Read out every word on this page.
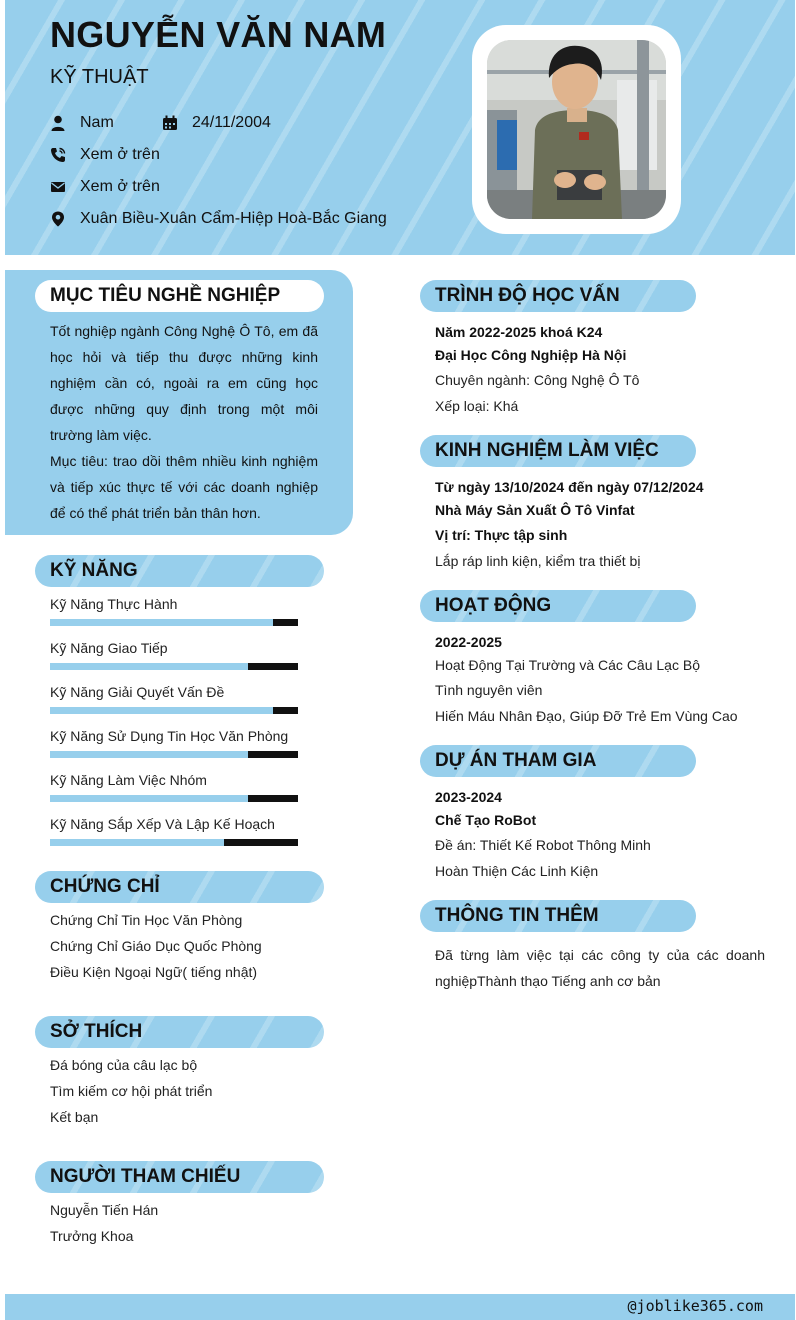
NGUYỄN VĂN NAM
KỸ THUẬT
Nam	24/11/2004
Xem ở trên
Xem ở trên
Xuân Biều-Xuân Cẩm-Hiệp Hoà-Bắc Giang
MỤC TIÊU NGHỀ NGHIỆP

Tốt nghiệp ngành Công Nghệ Ô Tô, em đã học hỏi và tiếp thu được những kinh nghiệm cần có, ngoài ra em cũng học được những quy định trong một môi trường làm việc.

Mục tiêu: trao dồi thêm nhiều kinh nghiệm và tiếp xúc thực tế với các doanh nghiệp để có thể phát triển bản thân hơn.

KỸ NĂNG
Kỹ Năng Thực Hành
Kỹ Năng Giao Tiếp
Kỹ Năng Giải Quyết Vấn Đề
Kỹ Năng Sử Dụng Tin Học Văn Phòng
Kỹ Năng Làm Việc Nhóm
Kỹ Năng Sắp Xếp Và Lập Kế Hoạch
CHỨNG CHỈ
Chứng Chỉ Tin Học Văn Phòng
Chứng Chỉ Giáo Dục Quốc Phòng
Điều Kiện Ngoại Ngữ( tiếng nhật)
SỞ THÍCH
Đá bóng của câu lạc bộ
Tìm kiếm cơ hội phát triển
Kết bạn
NGƯỜI THAM CHIẾU
Nguyễn Tiến Hán
Trưởng Khoa
TRÌNH ĐỘ HỌC VẤN
Năm 2022-2025 khoá K24
Đại Học Công Nghiệp Hà Nội
Chuyên ngành: Công Nghệ Ô Tô
Xếp loại: Khá
KINH NGHIỆM LÀM VIỆC
Từ ngày 13/10/2024 đến ngày 07/12/2024
Nhà Máy Sản Xuất Ô Tô Vinfat
Vị trí: Thực tập sinh
Lắp ráp linh kiện, kiểm tra thiết bị
HOẠT ĐỘNG
2022-2025
Hoạt Động Tại Trường và Các Câu Lạc Bộ
Tình nguyên viên
Hiến Máu Nhân Đạo, Giúp Đỡ Trẻ Em Vùng Cao
DỰ ÁN THAM GIA
2023-2024
Chế Tạo RoBot
Đề án: Thiết Kế Robot Thông Minh
Hoàn Thiện Các Linh Kiện
THÔNG TIN THÊM
Đã từng làm việc tại các công ty của các doanh nghiệpThành thạo Tiếng anh cơ bản
@joblike365.com
